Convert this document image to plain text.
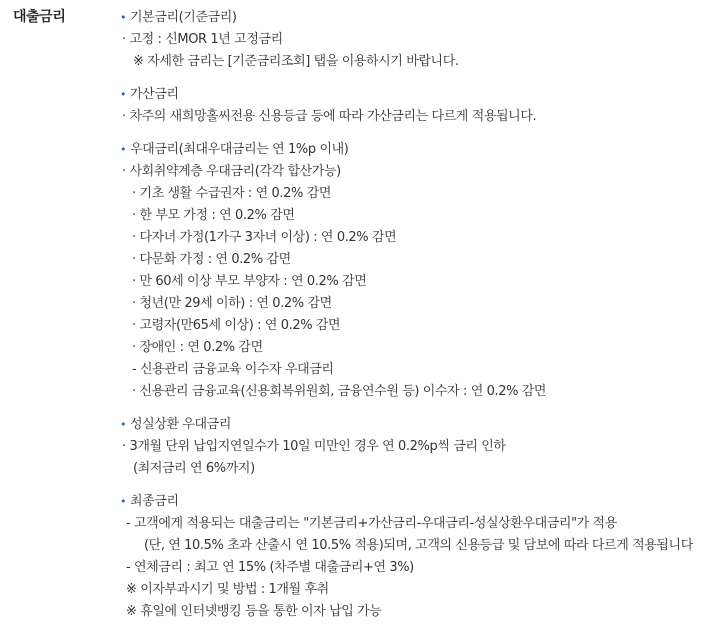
대출금리	• 기본금리(기준금리)
· 고정 : 신MOR 1년 고정금리
※ 자세한 금리는 [기준금리조회] 탭을 이용하시기 바랍니다.
• 가산금리
· 차주의 새희망홀씨전용 신용등급 등에 따라 가산금리는 다르게 적용됩니다.
• 우대금리(최대우대금리는 연 1%p 이내)
· 사회취약계층 우대금리(각각 합산가능)
· 기초 생활 수급권자 : 연 0.2% 감면
· 한 부모 가정 : 연 0.2% 감면
· 다자녀 가정(1가구 3자녀 이상) : 연 0.2% 감면
· 다문화 가정 : 연 0.2% 감면
· 만 60세 이상 부모 부양자 : 연 0.2% 감면
· 청년(만 29세 이하) : 연 0.2% 감면
· 고령자(만65세 이상) : 연 0.2% 감면
· 장애인 : 연 0.2% 감면
- 신용관리 금융교육 이수자 우대금리
· 신용관리 금융교육(신용회복위원회, 금융연수원 등) 이수자 : 연 0.2% 감면
• 성실상환 우대금리
· 3개월 단위 납입지연일수가 10일 미만인 경우 연 0.2%p씩 금리 인하
(최저금리 연 6%까지)
• 최종금리
- 고객에게 적용되는 대출금리는 "기본금리+가산금리-우대금리-성실상환우대금리"가 적용
(단, 연 10.5% 초과 산출시 연 10.5% 적용)되며, 고객의 신용등급 및 담보에 따라 다르게 적용됩니다
- 연체금리 : 최고 연 15% (차주별 대출금리+연 3%)
※ 이자부과시기 및 방법 : 1개월 후취
※ 휴일에 인터넷뱅킹 등을 통한 이자 납입 가능
